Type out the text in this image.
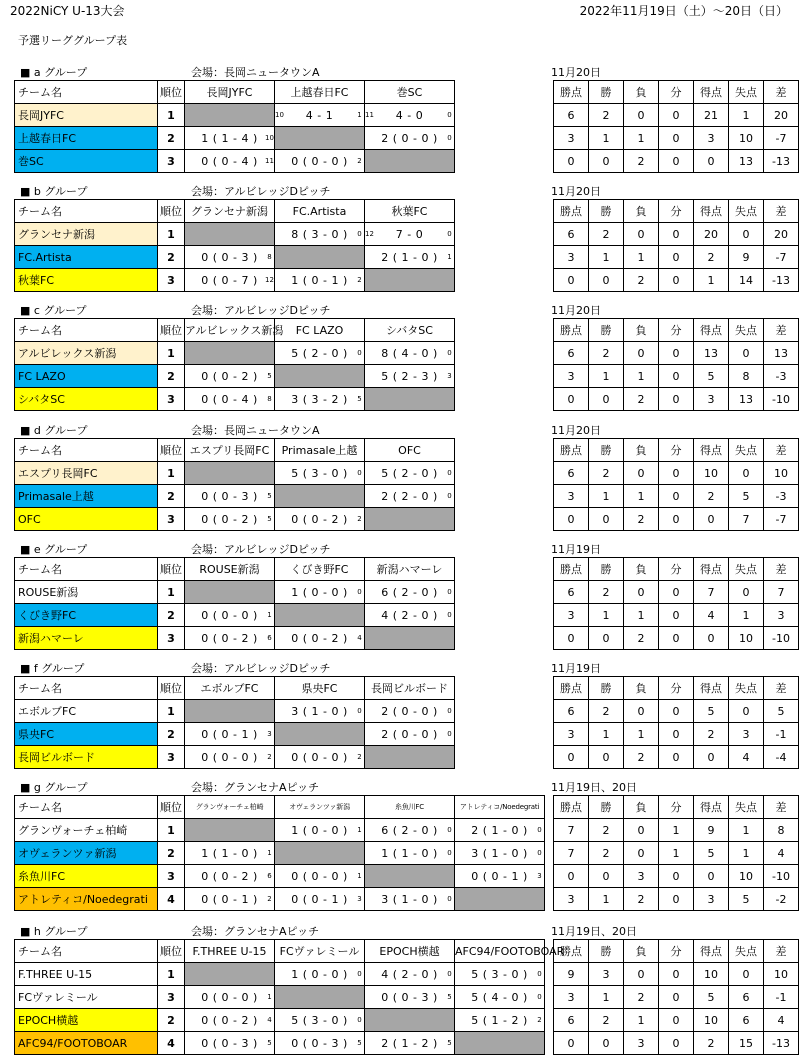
2022NiCY U-13大会	2022年11月19日（土）～20日（日）
予選リーググループ表
■ a グループ	会場：長岡ニュータウンA	11月20日
チーム名	順位	長岡JYFC	上越春日FC	巻SC			勝点	勝	負	分	得点	失点	差
長岡JYFC	1		10 4 - 1 1	11 4 - 0 0			6	2	0	0	21	1	20
上越春日FC	2	1 ( 1 - 4 ) 10		2 ( 0 - 0 ) 0			3	1	1	0	3	10	-7
巻SC	3	0 ( 0 - 4 ) 11	0 ( 0 - 0 ) 2				0	0	2	0	0	13	-13
■ b グループ	会場：アルビレッジDピッチ	11月20日
チーム名	順位	グランセナ新潟	FC.Artista	秋葉FC			勝点	勝	負	分	得点	失点	差
グランセナ新潟	1		8 ( 3 - 0 ) 0	12 7 - 0 0			6	2	0	0	20	0	20
FC.Artista	2	0 ( 0 - 3 ) 8		2 ( 1 - 0 ) 1			3	1	1	0	2	9	-7
秋葉FC	3	0 ( 0 - 7 ) 12	1 ( 0 - 1 ) 2				0	0	2	0	1	14	-13
■ c グループ	会場：アルビレッジDピッチ	11月20日
チーム名	順位	アルビレックス新潟	FC LAZO	シバタSC			勝点	勝	負	分	得点	失点	差
アルビレックス新潟	1		5 ( 2 - 0 ) 0	8 ( 4 - 0 ) 0			6	2	0	0	13	0	13
FC LAZO	2	0 ( 0 - 2 ) 5		5 ( 2 - 3 ) 3			3	1	1	0	5	8	-3
シバタSC	3	0 ( 0 - 4 ) 8	3 ( 3 - 2 ) 5				0	0	2	0	3	13	-10
■ d グループ	会場：長岡ニュータウンA	11月20日
チーム名	順位	エスプリ長岡FC	Primasale上越	OFC			勝点	勝	負	分	得点	失点	差
エスプリ長岡FC	1		5 ( 3 - 0 ) 0	5 ( 2 - 0 ) 0			6	2	0	0	10	0	10
Primasale上越	2	0 ( 0 - 3 ) 5		2 ( 2 - 0 ) 0			3	1	1	0	2	5	-3
OFC	3	0 ( 0 - 2 ) 5	0 ( 0 - 2 ) 2				0	0	2	0	0	7	-7
■ e グループ	会場：アルビレッジDピッチ	11月19日
チーム名	順位	ROUSE新潟	くびき野FC	新潟ハマーレ			勝点	勝	負	分	得点	失点	差
ROUSE新潟	1		1 ( 0 - 0 ) 0	6 ( 2 - 0 ) 0			6	2	0	0	7	0	7
くびき野FC	2	0 ( 0 - 0 ) 1		4 ( 2 - 0 ) 0			3	1	1	0	4	1	3
新潟ハマーレ	3	0 ( 0 - 2 ) 6	0 ( 0 - 2 ) 4				0	0	2	0	0	10	-10
■ f グループ	会場：アルビレッジDピッチ	11月19日
チーム名	順位	エボルブFC	県央FC	長岡ビルボード			勝点	勝	負	分	得点	失点	差
エボルブFC	1		3 ( 1 - 0 ) 0	2 ( 0 - 0 ) 0			6	2	0	0	5	0	5
県央FC	2	0 ( 0 - 1 ) 3		2 ( 0 - 0 ) 0			3	1	1	0	2	3	-1
長岡ビルボード	3	0 ( 0 - 0 ) 2	0 ( 0 - 0 ) 2				0	0	2	0	0	4	-4
■ g グループ	会場：グランセナAピッチ	11月19日、20日
チーム名	順位	グランヴォーチェ柏崎	オヴェランツァ新潟	糸魚川FC	アトレティコ/Noedegrati		勝点	勝	負	分	得点	失点	差
グランヴォーチェ柏崎	1		1 ( 0 - 0 ) 1	6 ( 2 - 0 ) 0	2 ( 1 - 0 ) 0		7	2	0	1	9	1	8
オヴェランツァ新潟	2	1 ( 1 - 0 ) 1		1 ( 1 - 0 ) 0	3 ( 1 - 0 ) 0		7	2	0	1	5	1	4
糸魚川FC	3	0 ( 0 - 2 ) 6	0 ( 0 - 0 ) 1		0 ( 0 - 1 ) 3		0	0	3	0	0	10	-10
アトレティコ/Noedegrati	4	0 ( 0 - 1 ) 2	0 ( 0 - 1 ) 3	3 ( 1 - 0 ) 0			3	1	2	0	3	5	-2
■ h グループ	会場：グランセナAピッチ	11月19日、20日
チーム名	順位	F.THREE U-15	FCヴァレミール	EPOCH横越	AFC94/FOOTOBOAR		勝点	勝	負	分	得点	失点	差
F.THREE U-15	1		1 ( 0 - 0 ) 0	4 ( 2 - 0 ) 0	5 ( 3 - 0 ) 0		9	3	0	0	10	0	10
FCヴァレミール	3	0 ( 0 - 0 ) 1		0 ( 0 - 3 ) 5	5 ( 4 - 0 ) 0		3	1	2	0	5	6	-1
EPOCH横越	2	0 ( 0 - 2 ) 4	5 ( 3 - 0 ) 0		5 ( 1 - 2 ) 2		6	2	1	0	10	6	4
AFC94/FOOTOBOAR	4	0 ( 0 - 3 ) 5	0 ( 0 - 3 ) 5	2 ( 1 - 2 ) 5			0	0	3	0	2	15	-13
